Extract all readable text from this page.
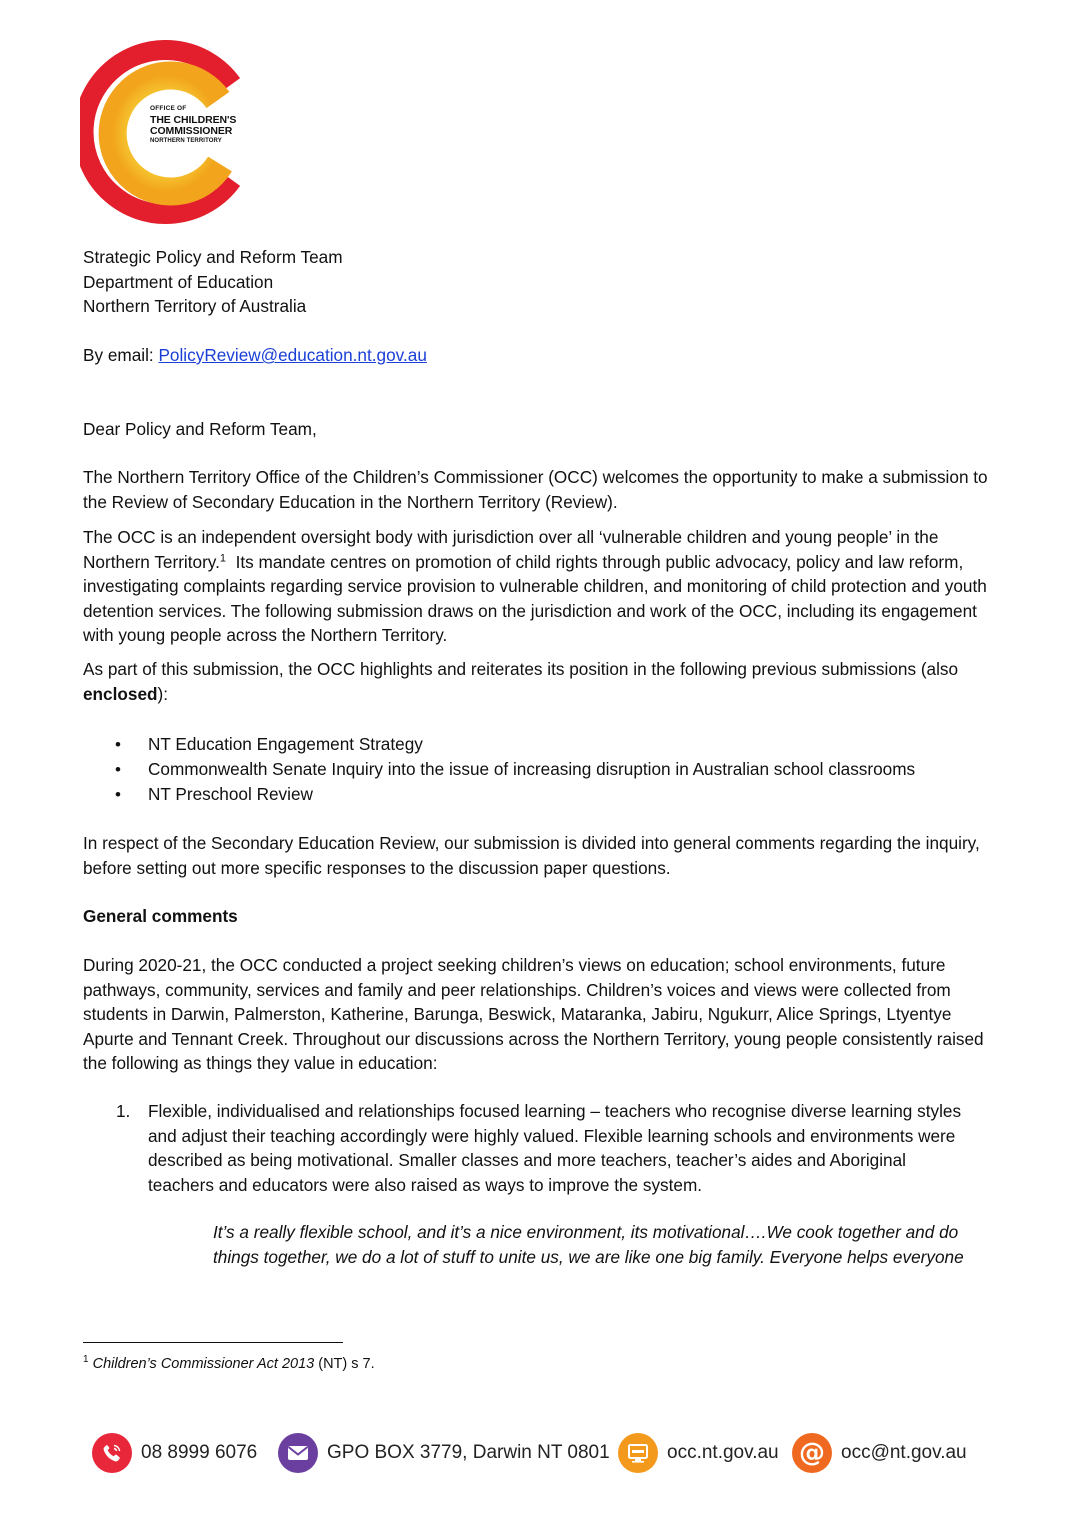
OFFICE OF
THE CHILDREN'S
COMMISSIONER
NORTHERN TERRITORY
Strategic Policy and Reform Team
Department of Education
Northern Territory of Australia
By email: PolicyReview@education.nt.gov.au
Dear Policy and Reform Team,

The Northern Territory Office of the Children’s Commissioner (OCC) welcomes the opportunity to make a submission to the Review of Secondary Education in the Northern Territory (Review).

The OCC is an independent oversight body with jurisdiction over all ‘vulnerable children and young people’ in the Northern Territory.$^1$  Its mandate centres on promotion of child rights through public advocacy, policy and law reform, investigating complaints regarding service provision to vulnerable children, and monitoring of child protection and youth detention services. The following submission draws on the jurisdiction and work of the OCC, including its engagement with young people across the Northern Territory.

As part of this submission, the OCC highlights and reiterates its position in the following previous submissions (also enclosed):

• NT Education Engagement Strategy
• Commonwealth Senate Inquiry into the issue of increasing disruption in Australian school classrooms
• NT Preschool Review

In respect of the Secondary Education Review, our submission is divided into general comments regarding the inquiry, before setting out more specific responses to the discussion paper questions.

General comments

During 2020-21, the OCC conducted a project seeking children’s views on education; school environments, future pathways, community, services and family and peer relationships. Children’s voices and views were collected from students in Darwin, Palmerston, Katherine, Barunga, Beswick, Mataranka, Jabiru, Ngukurr, Alice Springs, Ltyentye Apurte and Tennant Creek. Throughout our discussions across the Northern Territory, young people consistently raised the following as things they value in education:

1. Flexible, individualised and relationships focused learning – teachers who recognise diverse learning styles and adjust their teaching accordingly were highly valued. Flexible learning schools and environments were described as being motivational. Smaller classes and more teachers, teacher’s aides and Aboriginal teachers and educators were also raised as ways to improve the system.
It’s a really flexible school, and it’s a nice environment, its motivational….We cook together and do things together, we do a lot of stuff to unite us, we are like one big family. Everyone helps everyone
$^1$ Children’s Commissioner Act 2013 (NT) s 7.
08 8999 6076	GPO BOX 3779, Darwin NT 0801	occ.nt.gov.au @ occ@nt.gov.au
